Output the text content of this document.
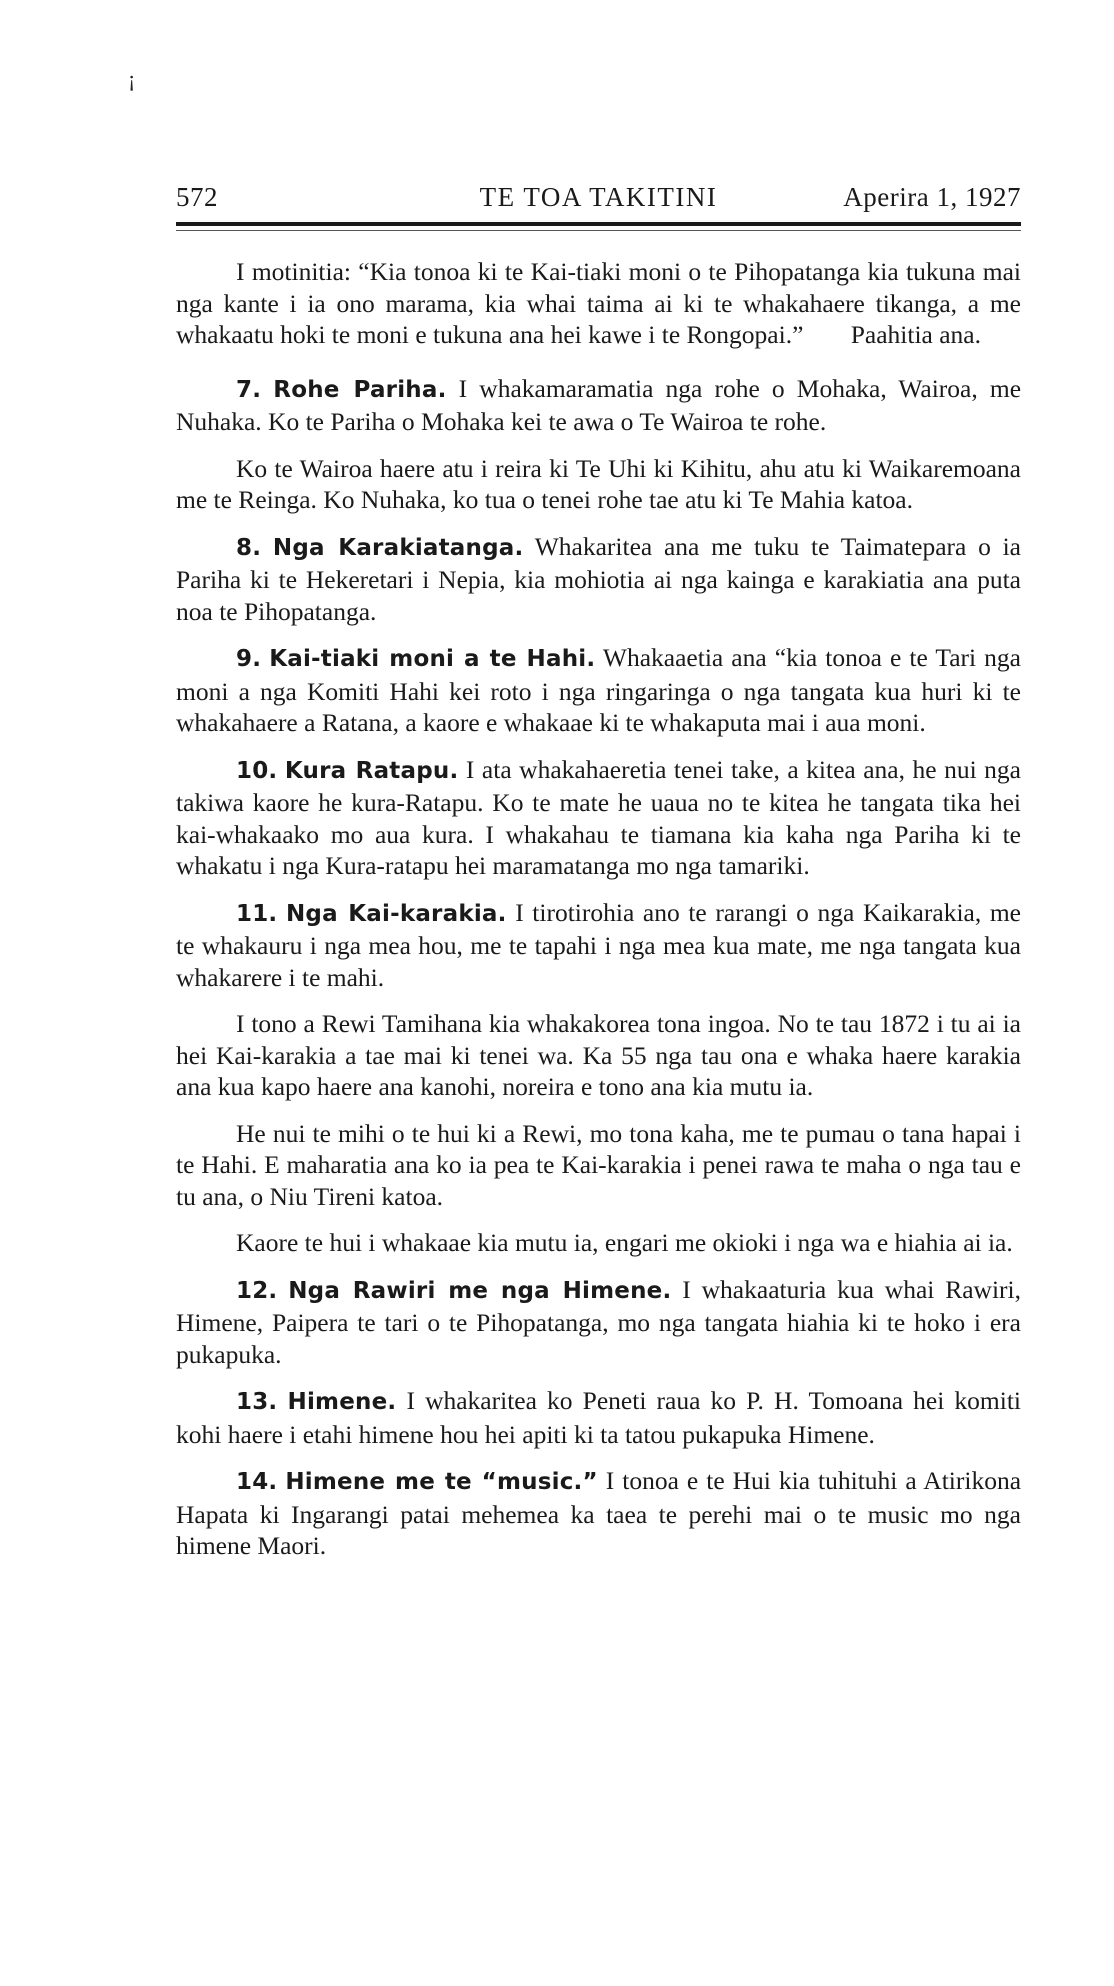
¡
572	TE TOA TAKITINI	Aperira 1, 1927

I motinitia: “Kia tonoa ki te Kai-tiaki moni o te Pihopatanga kia tukuna mai nga kante i ia ono marama, kia whai taima ai ki te whakahaere tikanga, a me whakaatu hoki te moni e tukuna ana hei kawe i te Rongopai.”	Paahitia ana.

7. Rohe Pariha. I whakamaramatia nga rohe o Mohaka, Wairoa, me Nuhaka. Ko te Pariha o Mohaka kei te awa o Te Wairoa te rohe.

Ko te Wairoa haere atu i reira ki Te Uhi ki Kihitu, ahu atu ki Waikaremoana me te Reinga. Ko Nuhaka, ko tua o tenei rohe tae atu ki Te Mahia katoa.

8. Nga Karakiatanga. Whakaritea ana me tuku te Taimatepara o ia Pariha ki te Hekeretari i Nepia, kia mohiotia ai nga kainga e karakiatia ana puta noa te Pihopatanga.

9. Kai-tiaki moni a te Hahi. Whakaaetia ana “kia tonoa e te Tari nga moni a nga Komiti Hahi kei roto i nga ringaringa o nga tangata kua huri ki te whakahaere a Ratana, a kaore e whakaae ki te whakaputa mai i aua moni.

10. Kura Ratapu. I ata whakahaeretia tenei take, a kitea ana, he nui nga takiwa kaore he kura-Ratapu. Ko te mate he uaua no te kitea he tangata tika hei kai-whakaako mo aua kura. I whakahau te tiamana kia kaha nga Pariha ki te whakatu i nga Kura-ratapu hei maramatanga mo nga tamariki.

11. Nga Kai-karakia. I tirotirohia ano te rarangi o nga Kaikarakia, me te whakauru i nga mea hou, me te tapahi i nga mea kua mate, me nga tangata kua whakarere i te mahi.

I tono a Rewi Tamihana kia whakakorea tona ingoa. No te tau 1872 i tu ai ia hei Kai-karakia a tae mai ki tenei wa. Ka 55 nga tau ona e whaka haere karakia ana kua kapo haere ana kanohi, noreira e tono ana kia mutu ia.

He nui te mihi o te hui ki a Rewi, mo tona kaha, me te pumau o tana hapai i te Hahi. E maharatia ana ko ia pea te Kai-karakia i penei rawa te maha o nga tau e tu ana, o Niu Tireni katoa.

Kaore te hui i whakaae kia mutu ia, engari me okioki i nga wa e hiahia ai ia.

12. Nga Rawiri me nga Himene. I whakaaturia kua whai Rawiri, Himene, Paipera te tari o te Pihopatanga, mo nga tangata hiahia ki te hoko i era pukapuka.

13. Himene. I whakaritea ko Peneti raua ko P. H. Tomoana hei komiti kohi haere i etahi himene hou hei apiti ki ta tatou pukapuka Himene.

14. Himene me te “music.” I tonoa e te Hui kia tuhituhi a Atirikona Hapata ki Ingarangi patai mehemea ka taea te perehi mai o te music mo nga himene Maori.
